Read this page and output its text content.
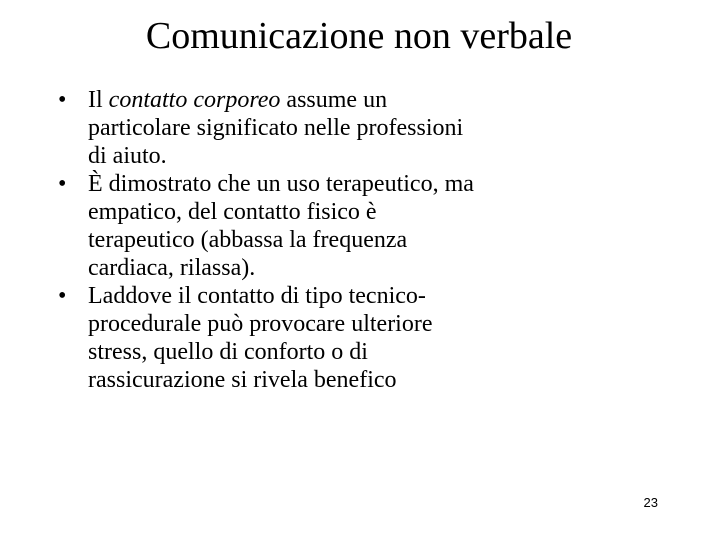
Comunicazione non verbale
• Il contatto corporeo assume un particolare significato nelle professioni di aiuto.
• È dimostrato che un uso terapeutico, ma empatico, del contatto fisico è terapeutico (abbassa la frequenza cardiaca, rilassa).
• Laddove il contatto di tipo tecnico-procedurale può provocare ulteriore stress, quello di conforto o di rassicurazione si rivela benefico
23
